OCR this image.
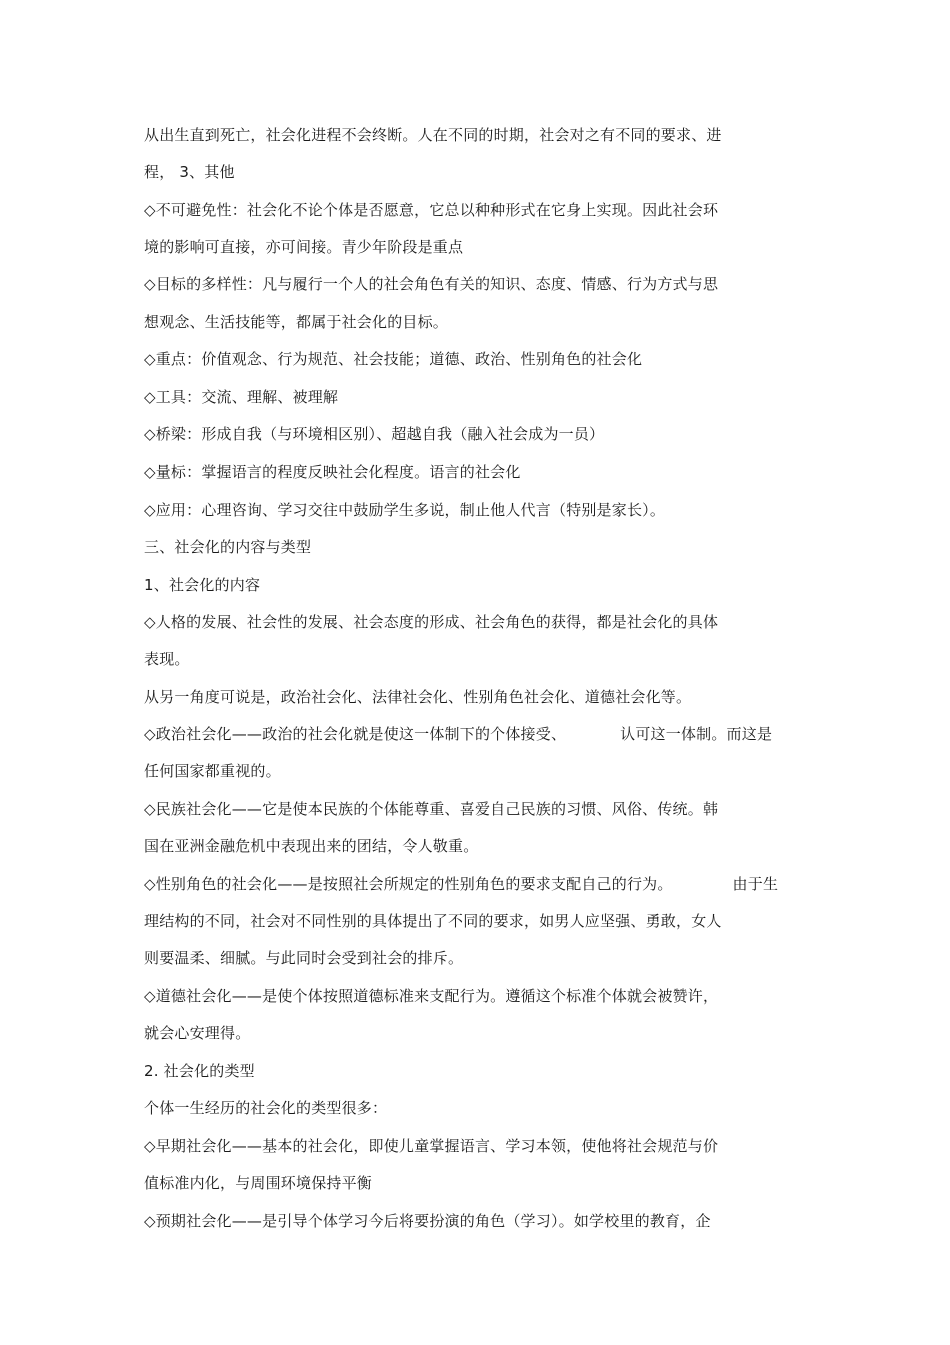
从出生直到死亡，社会化进程不会终断。人在不同的时期，社会对之有不同的要求、进
程， 3、其他
◇不可避免性：社会化不论个体是否愿意，它总以种种形式在它身上实现。因此社会环
境的影响可直接，亦可间接。青少年阶段是重点
◇目标的多样性：凡与履行一个人的社会角色有关的知识、态度、情感、行为方式与思
想观念、生活技能等，都属于社会化的目标。
◇重点：价值观念、行为规范、社会技能；道德、政治、性别角色的社会化
◇工具：交流、理解、被理解
◇桥梁：形成自我（与环境相区别）、超越自我（融入社会成为一员）
◇量标：掌握语言的程度反映社会化程度。语言的社会化
◇应用：心理咨询、学习交往中鼓励学生多说，制止他人代言（特别是家长）。
三、社会化的内容与类型
1、社会化的内容
◇人格的发展、社会性的发展、社会态度的形成、社会角色的获得，都是社会化的具体
表现。
从另一角度可说是，政治社会化、法律社会化、性别角色社会化、道德社会化等。
◇政治社会化——政治的社会化就是使这一体制下的个体接受、	认可这一体制。而这是
任何国家都重视的。
◇民族社会化——它是使本民族的个体能尊重、喜爱自己民族的习惯、风俗、传统。韩
国在亚洲金融危机中表现出来的团结，令人敬重。
◇性别角色的社会化——是按照社会所规定的性别角色的要求支配自己的行为。	由于生
理结构的不同，社会对不同性别的具体提出了不同的要求，如男人应坚强、勇敢，女人
则要温柔、细腻。与此同时会受到社会的排斥。
◇道德社会化——是使个体按照道德标准来支配行为。遵循这个标准个体就会被赞许，
就会心安理得。
2. 社会化的类型
个体一生经历的社会化的类型很多：
◇早期社会化——基本的社会化，即使儿童掌握语言、学习本领，使他将社会规范与价
值标准内化，与周围环境保持平衡
◇预期社会化——是引导个体学习今后将要扮演的角色（学习）。如学校里的教育，企
